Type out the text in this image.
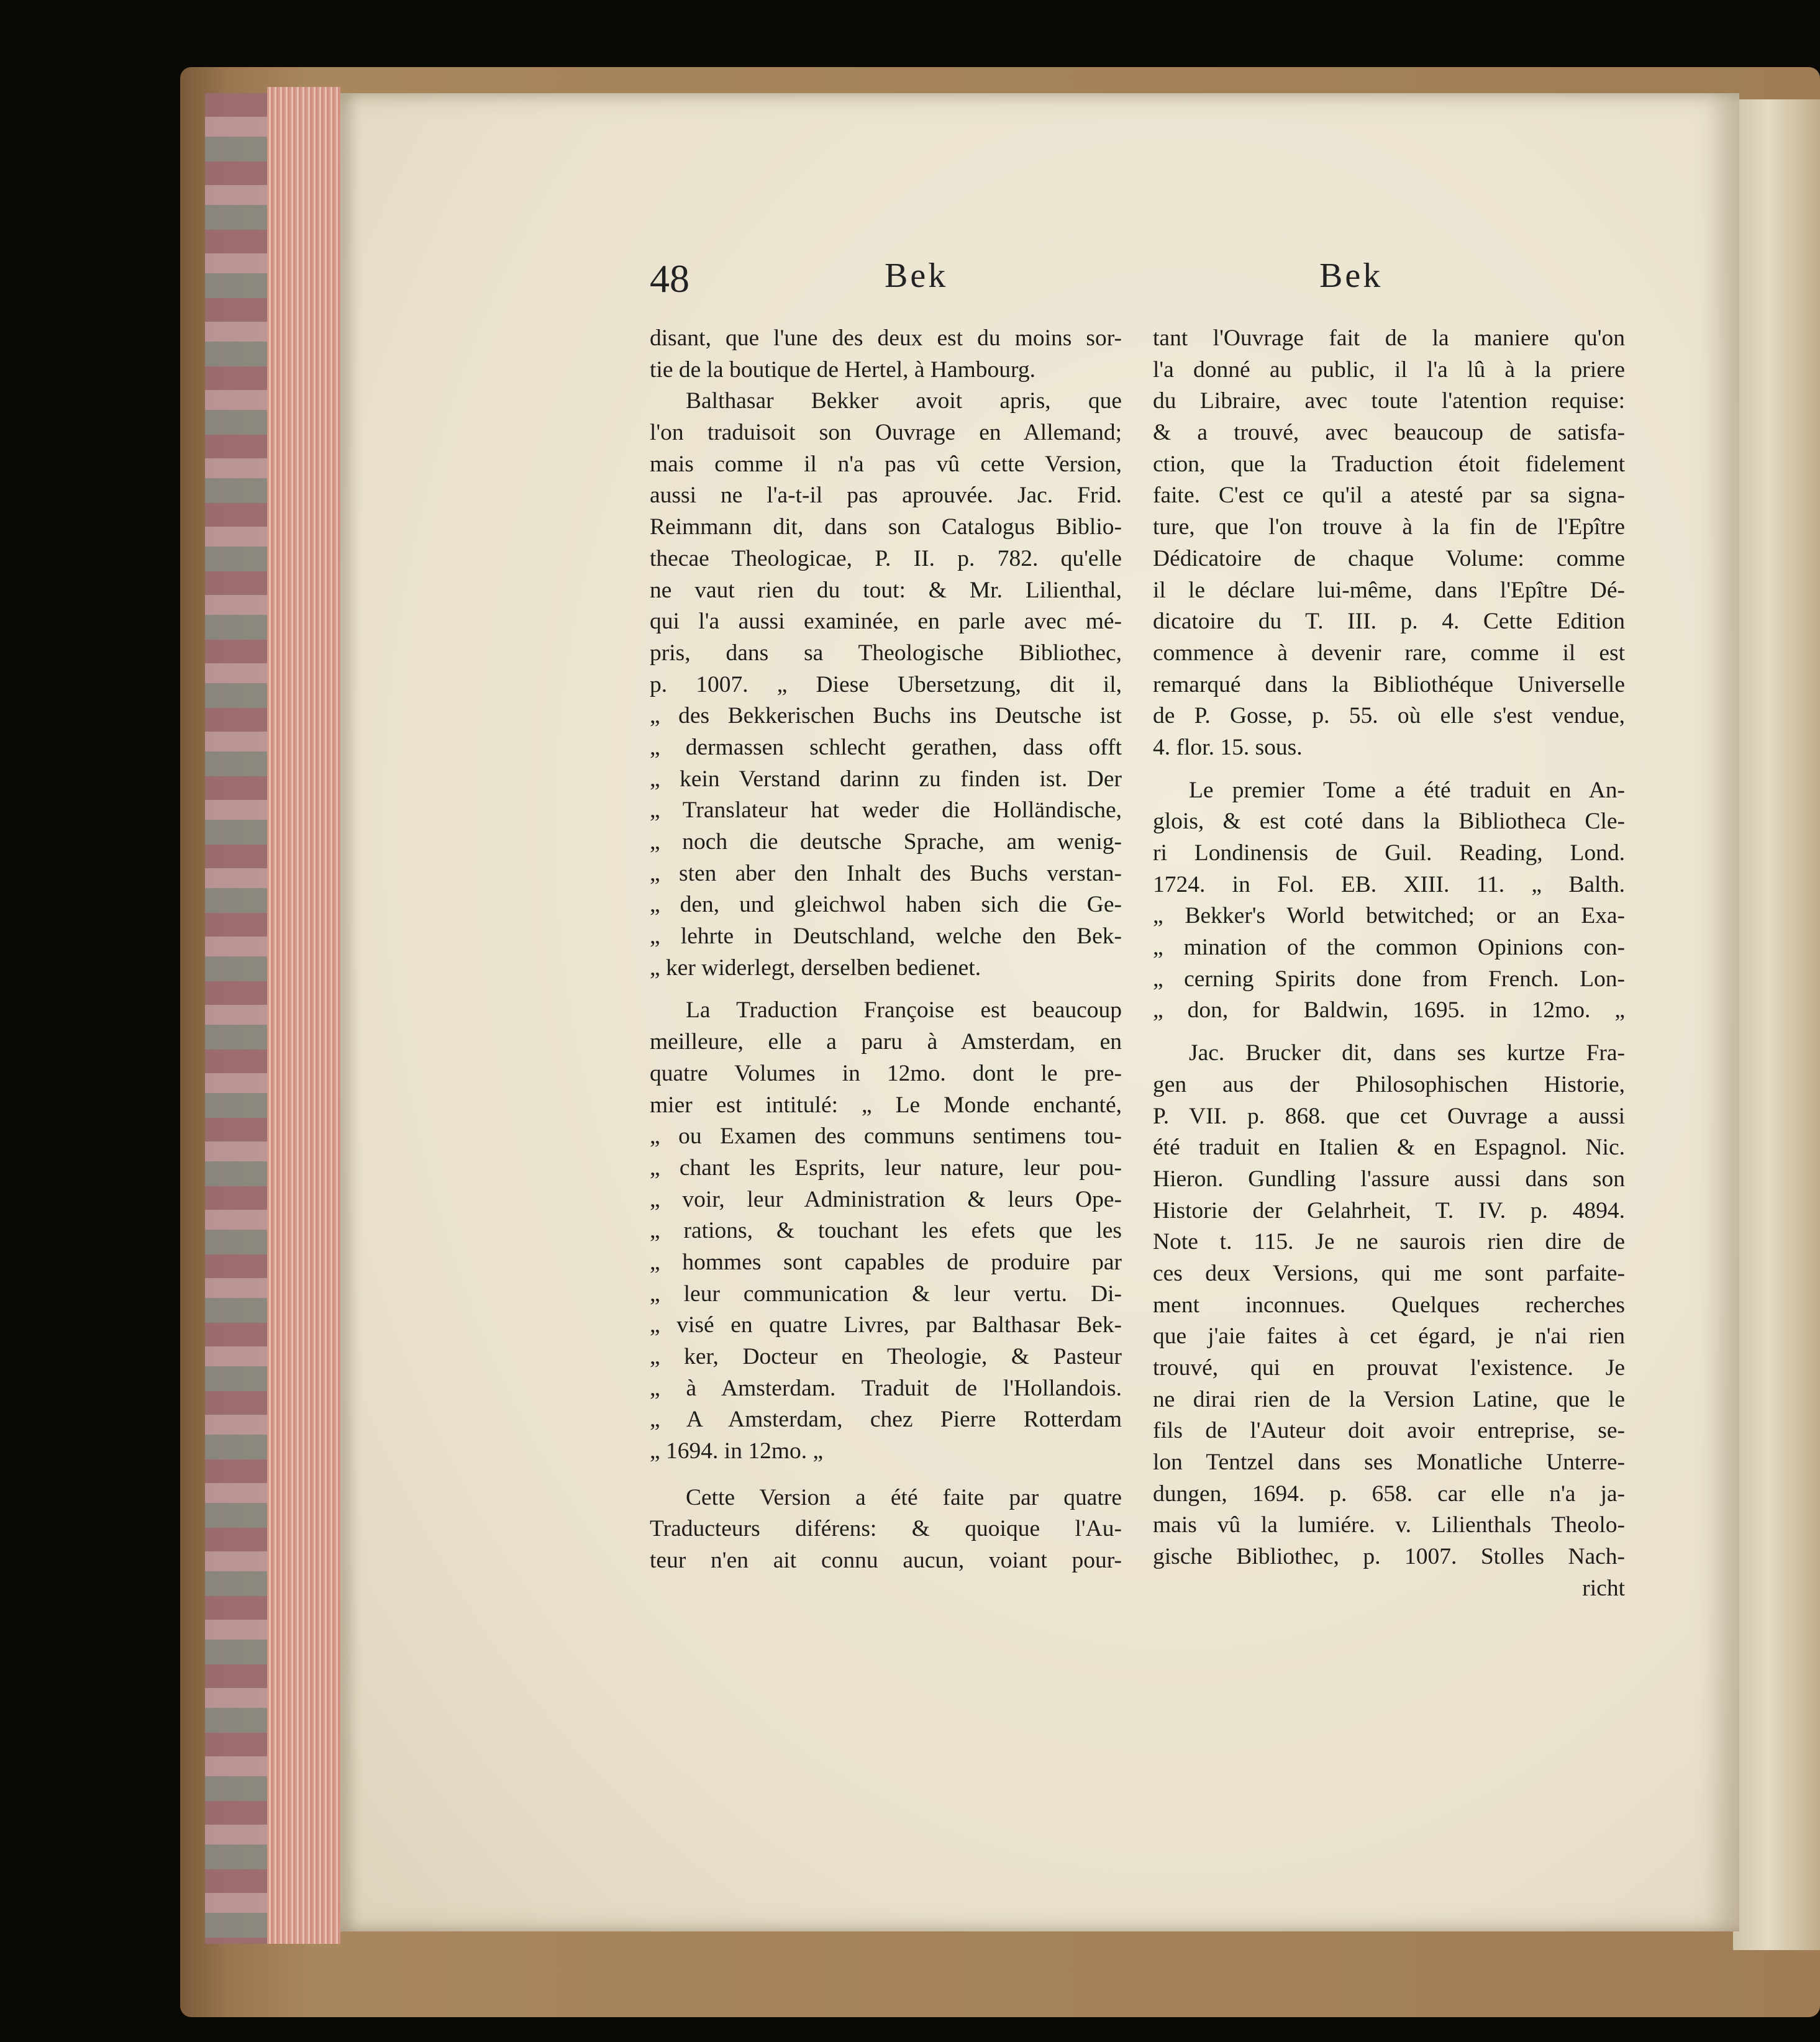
48	Bek	Bek
disant, que l'une des deux est du moins sor-
tie de la boutique de Hertel, à Hambourg.
Balthasar Bekker avoit apris, que
l'on traduisoit son Ouvrage en Allemand;
mais comme il n'a pas vû cette Version,
aussi ne l'a-t-il pas aprouvée. Jac. Frid.
Reimmann dit, dans son Catalogus Biblio-
thecae Theologicae, P. II. p. 782. qu'elle
ne vaut rien du tout: & Mr. Lilienthal,
qui l'a aussi examinée, en parle avec mé-
pris, dans sa Theologische Bibliothec,
p. 1007. „ Diese Ubersetzung, dit il,
„ des Bekkerischen Buchs ins Deutsche ist
„ dermassen schlecht gerathen, dass offt
„ kein Verstand darinn zu finden ist. Der
„ Translateur hat weder die Holländische,
„ noch die deutsche Sprache, am wenig-
„ sten aber den Inhalt des Buchs verstan-
„ den, und gleichwol haben sich die Ge-
„ lehrte in Deutschland, welche den Bek-
„ ker widerlegt, derselben bedienet.
La Traduction Françoise est beaucoup
meilleure, elle a paru à Amsterdam, en
quatre Volumes in 12mo. dont le pre-
mier est intitulé: „ Le Monde enchanté,
„ ou Examen des communs sentimens tou-
„ chant les Esprits, leur nature, leur pou-
„ voir, leur Administration & leurs Ope-
„ rations, & touchant les efets que les
„ hommes sont capables de produire par
„ leur communication & leur vertu. Di-
„ visé en quatre Livres, par Balthasar Bek-
„ ker, Docteur en Theologie, & Pasteur
„ à Amsterdam. Traduit de l'Hollandois.
„ A Amsterdam, chez Pierre Rotterdam
„ 1694. in 12mo. „
Cette Version a été faite par quatre
Traducteurs diférens: & quoique l'Au-
teur n'en ait connu aucun, voiant pour-
tant l'Ouvrage fait de la maniere qu'on
l'a donné au public, il l'a lû à la priere
du Libraire, avec toute l'atention requise:
& a trouvé, avec beaucoup de satisfa-
ction, que la Traduction étoit fidelement
faite. C'est ce qu'il a atesté par sa signa-
ture, que l'on trouve à la fin de l'Epître
Dédicatoire de chaque Volume: comme
il le déclare lui-même, dans l'Epître Dé-
dicatoire du T. III. p. 4. Cette Edition
commence à devenir rare, comme il est
remarqué dans la Bibliothéque Universelle
de P. Gosse, p. 55. où elle s'est vendue,
4. flor. 15. sous.
Le premier Tome a été traduit en An-
glois, & est coté dans la Bibliotheca Cle-
ri Londinensis de Guil. Reading, Lond.
1724. in Fol. EB. XIII. 11. „ Balth.
„ Bekker's World betwitched; or an Exa-
„ mination of the common Opinions con-
„ cerning Spirits done from French. Lon-
„ don, for Baldwin, 1695. in 12mo. „
Jac. Brucker dit, dans ses kurtze Fra-
gen aus der Philosophischen Historie,
P. VII. p. 868. que cet Ouvrage a aussi
été traduit en Italien & en Espagnol. Nic.
Hieron. Gundling l'assure aussi dans son
Historie der Gelahrheit, T. IV. p. 4894.
Note t. 115. Je ne saurois rien dire de
ces deux Versions, qui me sont parfaite-
ment inconnues. Quelques recherches
que j'aie faites à cet égard, je n'ai rien
trouvé, qui en prouvat l'existence. Je
ne dirai rien de la Version Latine, que le
fils de l'Auteur doit avoir entreprise, se-
lon Tentzel dans ses Monatliche Unterre-
dungen, 1694. p. 658. car elle n'a ja-
mais vû la lumiére. v. Lilienthals Theolo-
gische Bibliothec, p. 1007. Stolles Nach-
richt
